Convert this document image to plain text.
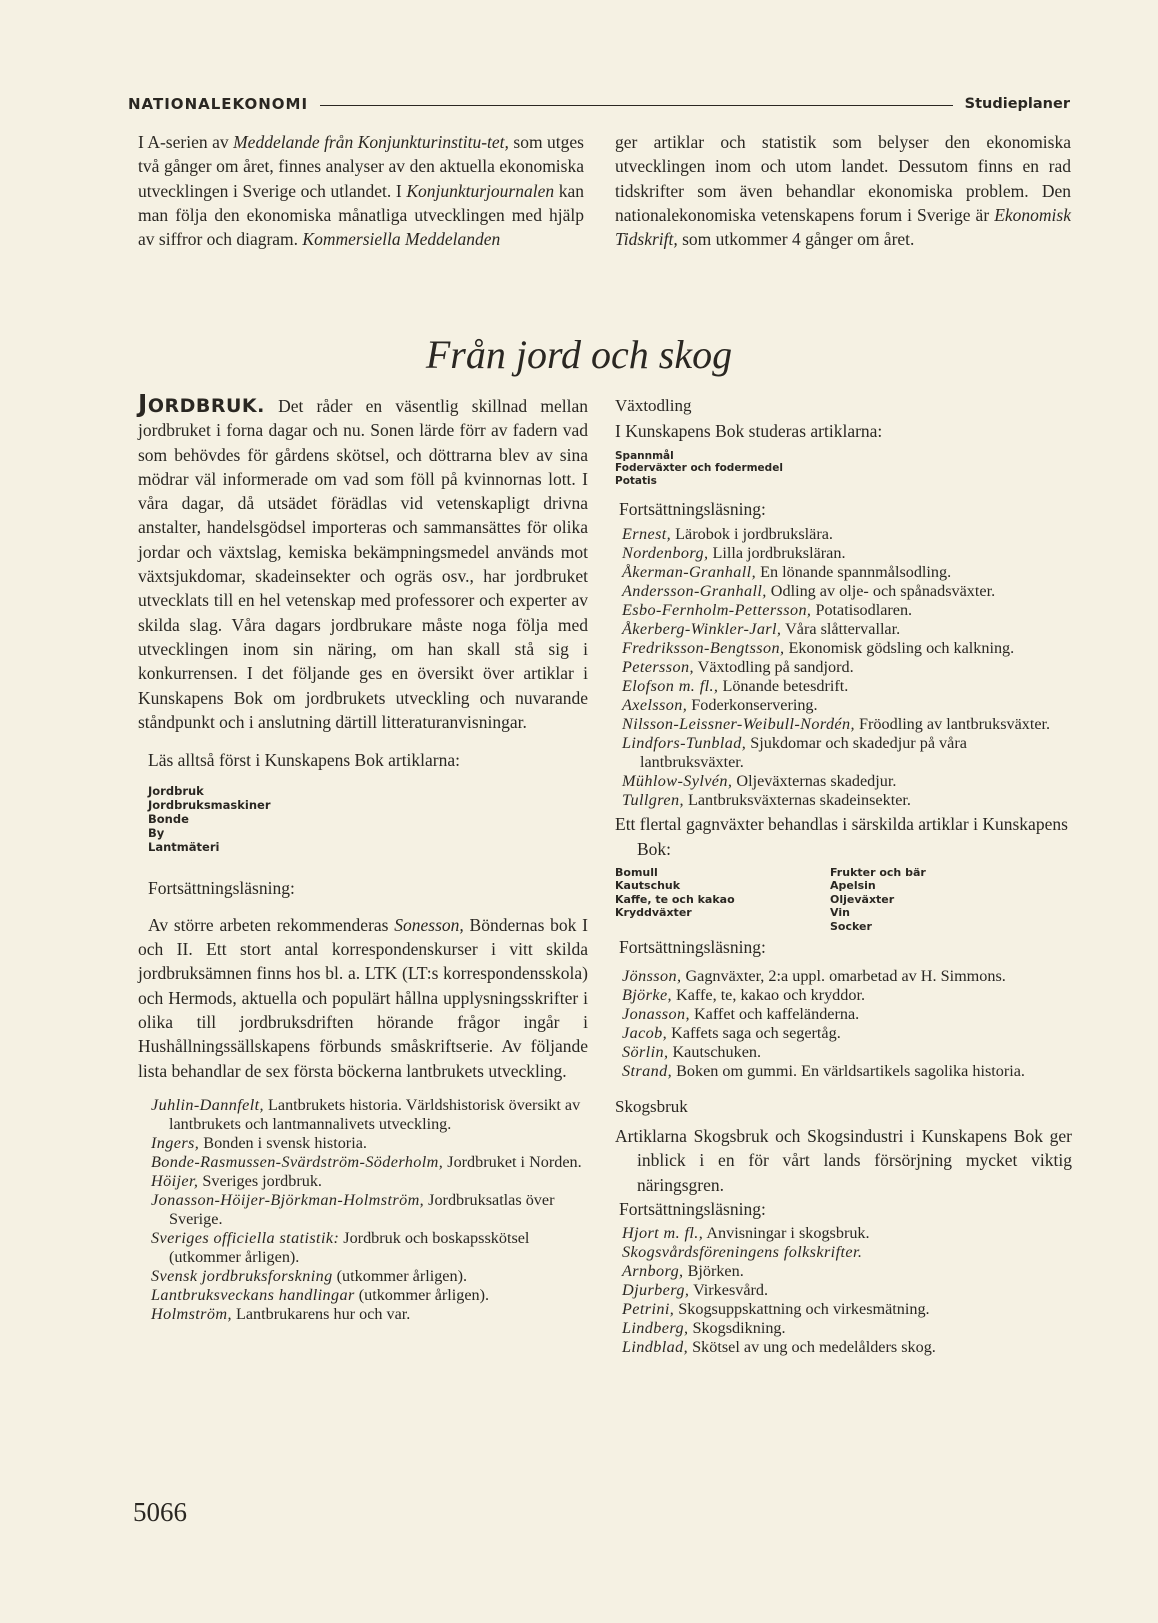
NATIONALEKONOMI	Studieplaner

I A-serien av Meddelande från Konjunkturinstitu-tet, som utges två gånger om året, finnes analyser av den aktuella ekonomiska utvecklingen i Sverige och utlandet. I Konjunkturjournalen kan man följa den ekonomiska månatliga utvecklingen med hjälp av siffror och diagram. Kommersiella Meddelanden

ger artiklar och statistik som belyser den ekonomiska utvecklingen inom och utom landet. Dessutom finns en rad tidskrifter som även behandlar ekonomiska problem. Den nationalekonomiska vetenskapens forum i Sverige är Ekonomisk Tidskrift, som utkommer 4 gånger om året.

Från jord och skog

JORDBRUK. Det råder en väsentlig skillnad mellan jordbruket i forna dagar och nu. Sonen lärde förr av fadern vad som behövdes för gårdens skötsel, och döttrarna blev av sina mödrar väl informerade om vad som föll på kvinnornas lott. I våra dagar, då utsädet förädlas vid vetenskapligt drivna anstalter, handelsgödsel importeras och sammansättes för olika jordar och växtslag, kemiska bekämpningsmedel används mot växtsjukdomar, skadeinsekter och ogräs osv., har jordbruket utvecklats till en hel vetenskap med professorer och experter av skilda slag. Våra dagars jordbrukare måste noga följa med utvecklingen inom sin näring, om han skall stå sig i konkurrensen. I det följande ges en översikt över artiklar i Kunskapens Bok om jordbrukets utveckling och nuvarande ståndpunkt och i anslutning därtill litteraturanvisningar.

Läs alltså först i Kunskapens Bok artiklarna:

Jordbruk
Jordbruksmaskiner
Bonde
By
Lantmäteri

Fortsättningsläsning:

Av större arbeten rekommenderas Sonesson, Böndernas bok I och II. Ett stort antal korrespondenskurser i vitt skilda jordbruksämnen finns hos bl. a. LTK (LT:s korrespondensskola) och Hermods, aktuella och populärt hållna upplysningsskrifter i olika till jordbruksdriften hörande frågor ingår i Hushållningssällskapens förbunds småskriftserie. Av följande lista behandlar de sex första böckerna lantbrukets utveckling.

Juhlin-Dannfelt, Lantbrukets historia. Världshistorisk översikt av lantbrukets och lantmannalivets utveckling.

Ingers, Bonden i svensk historia.

Bonde-Rasmussen-Svärdström-Söderholm, Jordbruket i Norden.

Höijer, Sveriges jordbruk.

Jonasson-Höijer-Björkman-Holmström, Jordbruksatlas över Sverige.

Sveriges officiella statistik: Jordbruk och boskapsskötsel (utkommer årligen).

Svensk jordbruksforskning (utkommer årligen).

Lantbruksveckans handlingar (utkommer årligen).

Holmström, Lantbrukarens hur och var.

Växtodling

I Kunskapens Bok studeras artiklarna:

Spannmål
Foderväxter och fodermedel
Potatis

Fortsättningsläsning:

Ernest, Lärobok i jordbrukslära.

Nordenborg, Lilla jordbruksläran.

Åkerman-Granhall, En lönande spannmålsodling.

Andersson-Granhall, Odling av olje- och spånadsväxter.

Esbo-Fernholm-Pettersson, Potatisodlaren.

Åkerberg-Winkler-Jarl, Våra slåttervallar.

Fredriksson-Bengtsson, Ekonomisk gödsling och kalkning.

Petersson, Växtodling på sandjord.

Elofson m. fl., Lönande betesdrift.

Axelsson, Foderkonservering.

Nilsson-Leissner-Weibull-Nordén, Fröodling av lantbruksväxter.

Lindfors-Tunblad, Sjukdomar och skadedjur på våra lantbruksväxter.

Mühlow-Sylvén, Oljeväxternas skadedjur.

Tullgren, Lantbruksväxternas skadeinsekter.

Ett flertal gagnväxter behandlas i särskilda artiklar i Kunskapens Bok:

Bomull
Kautschuk
Kaffe, te och kakao
Kryddväxter
Frukter och bär
Apelsin
Oljeväxter
Vin
Socker

Fortsättningsläsning:

Jönsson, Gagnväxter, 2:a uppl. omarbetad av H. Simmons.

Björke, Kaffe, te, kakao och kryddor.

Jonasson, Kaffet och kaffeländerna.

Jacob, Kaffets saga och segertåg.

Sörlin, Kautschuken.

Strand, Boken om gummi. En världsartikels sagolika historia.

Skogsbruk

Artiklarna Skogsbruk och Skogsindustri i Kunskapens Bok ger inblick i en för vårt lands försörjning mycket viktig näringsgren.

Fortsättningsläsning:

Hjort m. fl., Anvisningar i skogsbruk.

Skogsvårdsföreningens folkskrifter.

Arnborg, Björken.

Djurberg, Virkesvård.

Petrini, Skogsuppskattning och virkesmätning.

Lindberg, Skogsdikning.

Lindblad, Skötsel av ung och medelålders skog.

5066
